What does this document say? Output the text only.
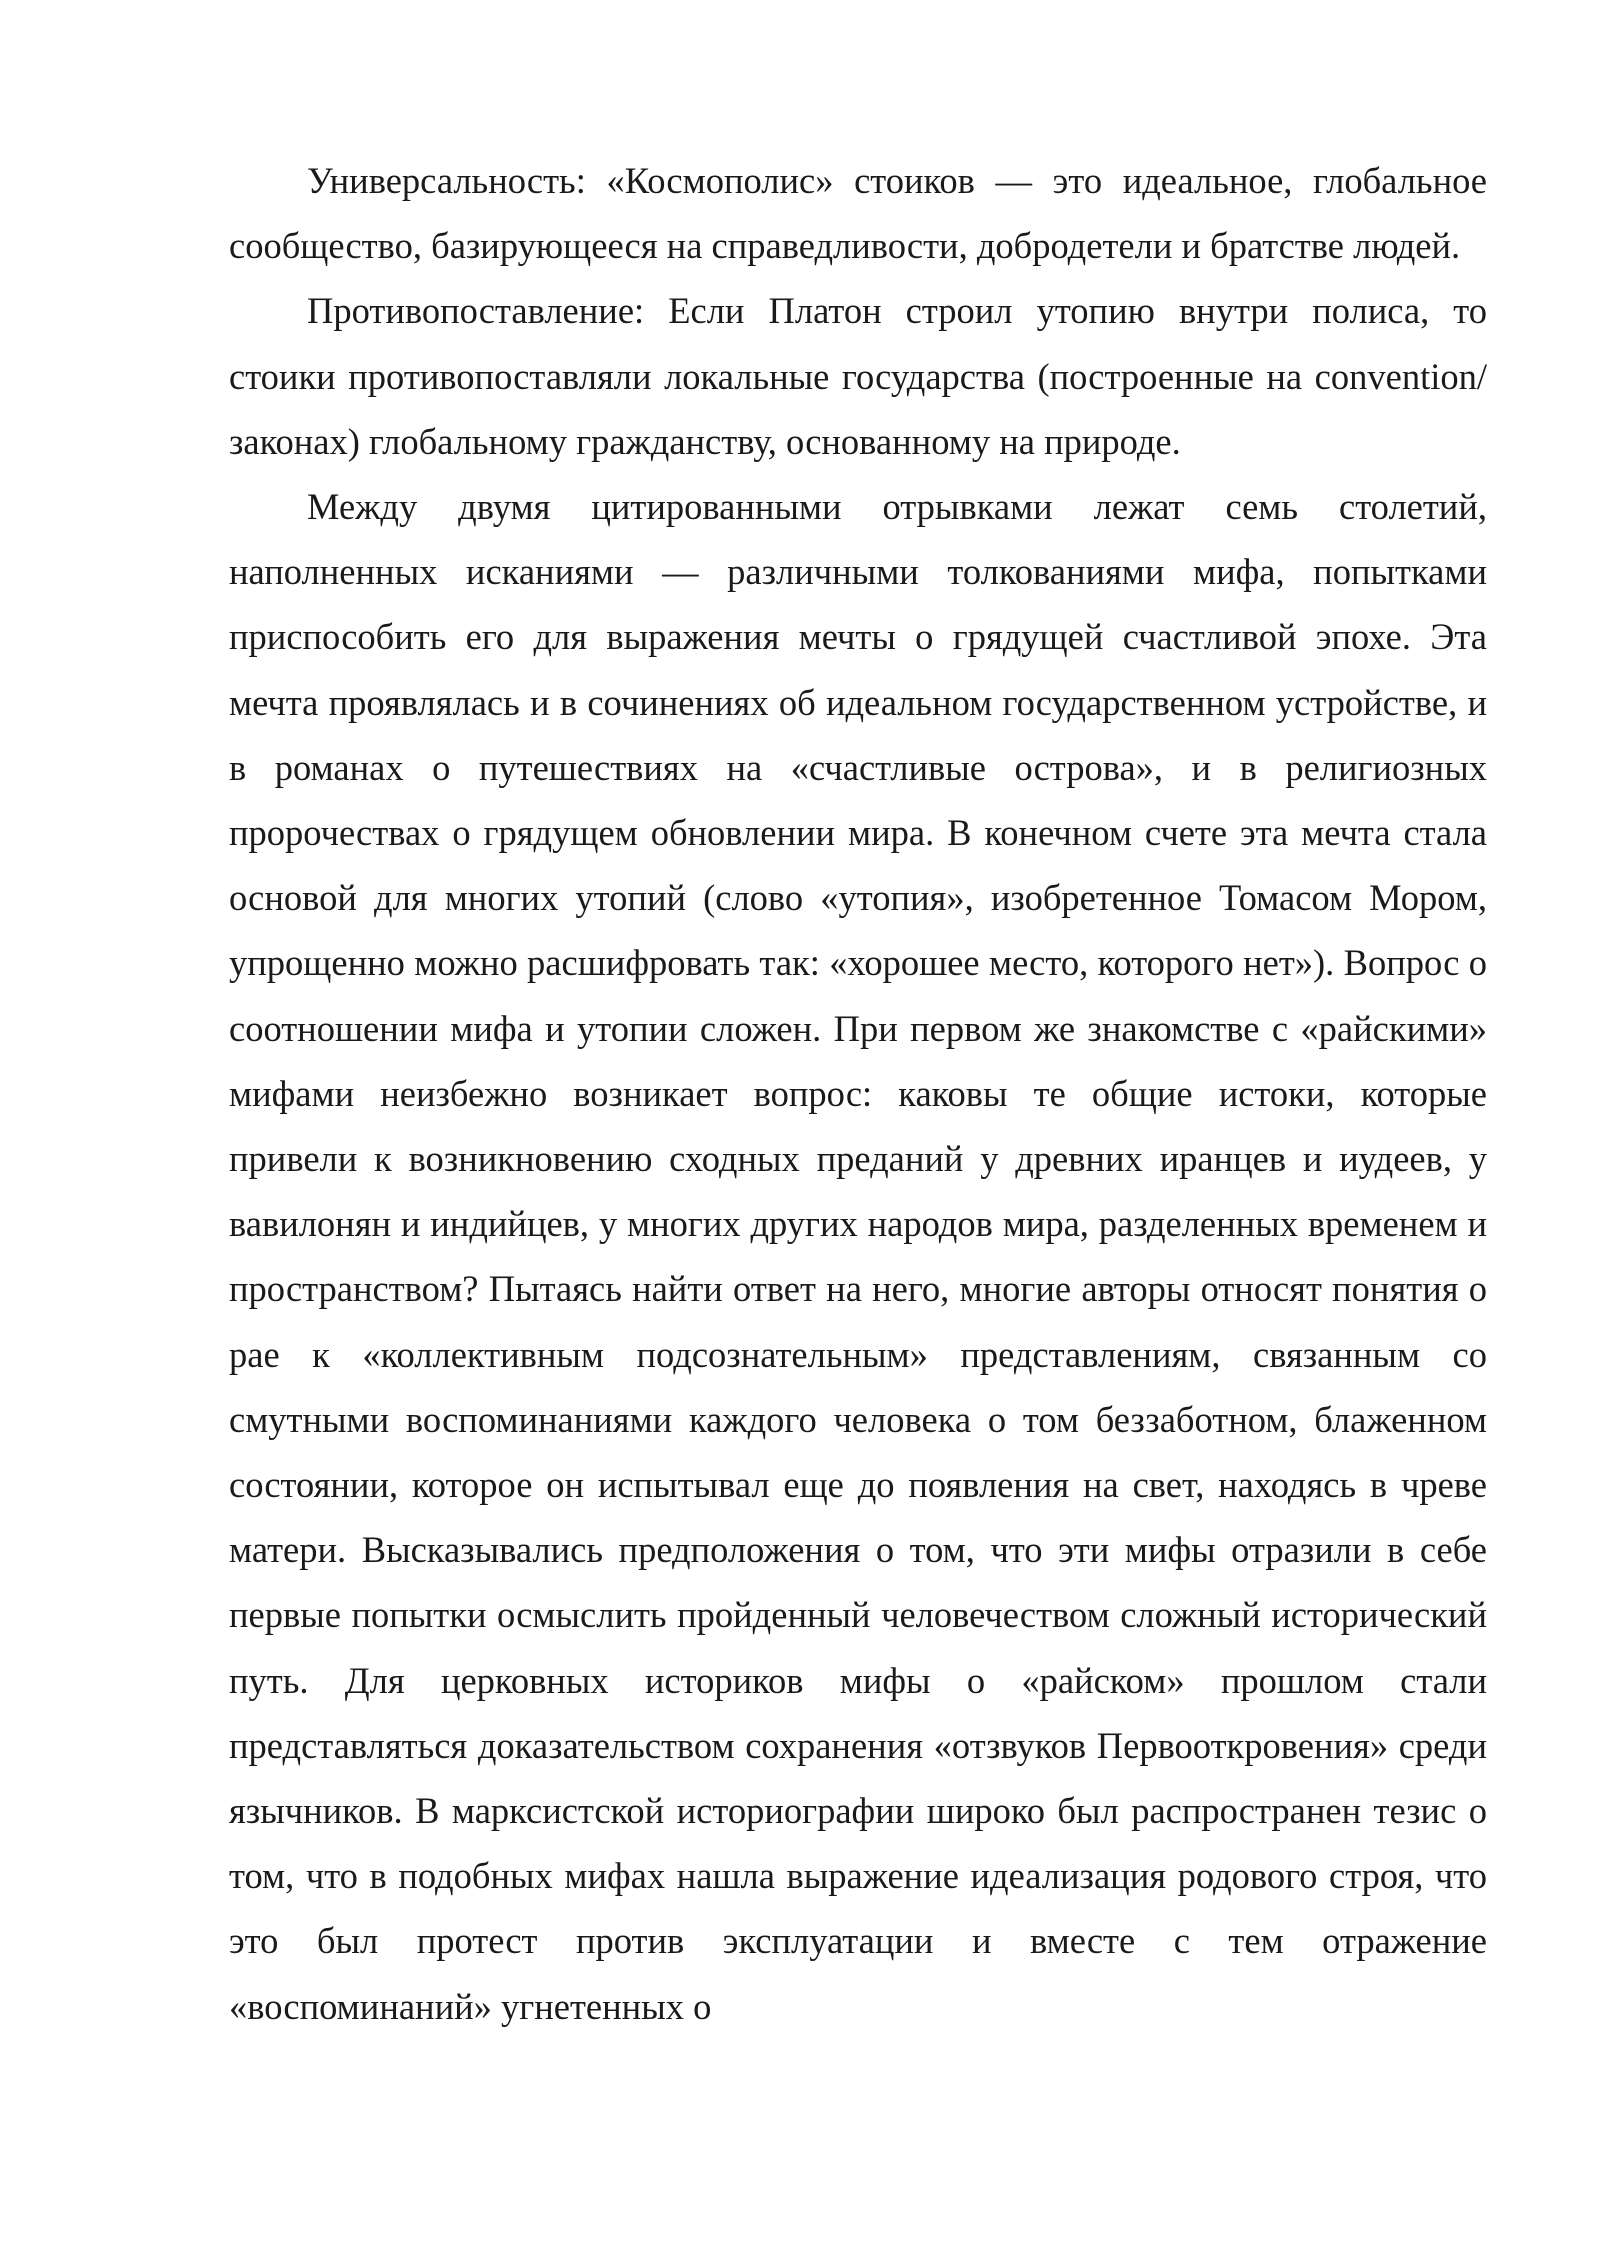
Универсальность: «Космополис» стоиков — это идеальное, глобальное сообщество, базирующееся на справедливости, добродетели и братстве людей.

Противопоставление: Если Платон строил утопию внутри полиса, то стоики противопоставляли локальные государства (построенные на convention/законах) глобальному гражданству, основанному на природе.

Между двумя цитированными отрывками лежат семь столетий, наполненных исканиями — различными толкованиями мифа, попытками приспособить его для выражения мечты о грядущей счастливой эпохе. Эта мечта проявлялась и в сочинениях об идеальном государственном устройстве, и в романах о путешествиях на «счастливые острова», и в религиозных пророчествах о грядущем обновлении мира. В конечном счете эта мечта стала основой для многих утопий (слово «утопия», изобретенное Томасом Мором, упрощенно можно расшифровать так: «хорошее место, которого нет»). Вопрос о соотношении мифа и утопии сложен. При первом же знакомстве с «райскими» мифами неизбежно возникает вопрос: каковы те общие истоки, которые привели к возникновению сходных преданий у древних иранцев и иудеев, у вавилонян и индийцев, у многих других народов мира, разделенных временем и пространством? Пытаясь найти ответ на него, многие авторы относят понятия о рае к «коллективным подсознательным» представлениям, связанным со смутными воспоминаниями каждого человека о том беззаботном, блаженном состоянии, которое он испытывал еще до появления на свет, находясь в чреве матери. Высказывались предположения о том, что эти мифы отразили в себе первые попытки осмыслить пройденный человечеством сложный исторический путь. Для церковных историков мифы о «райском» прошлом стали представляться доказательством сохранения «отзвуков Первооткровения» среди язычников. В марксистской историографии широко был распространен тезис о том, что в подобных мифах нашла выражение идеализация родового строя, что это был протест против эксплуатации и вместе с тем отражение «воспоминаний» угнетенных о
